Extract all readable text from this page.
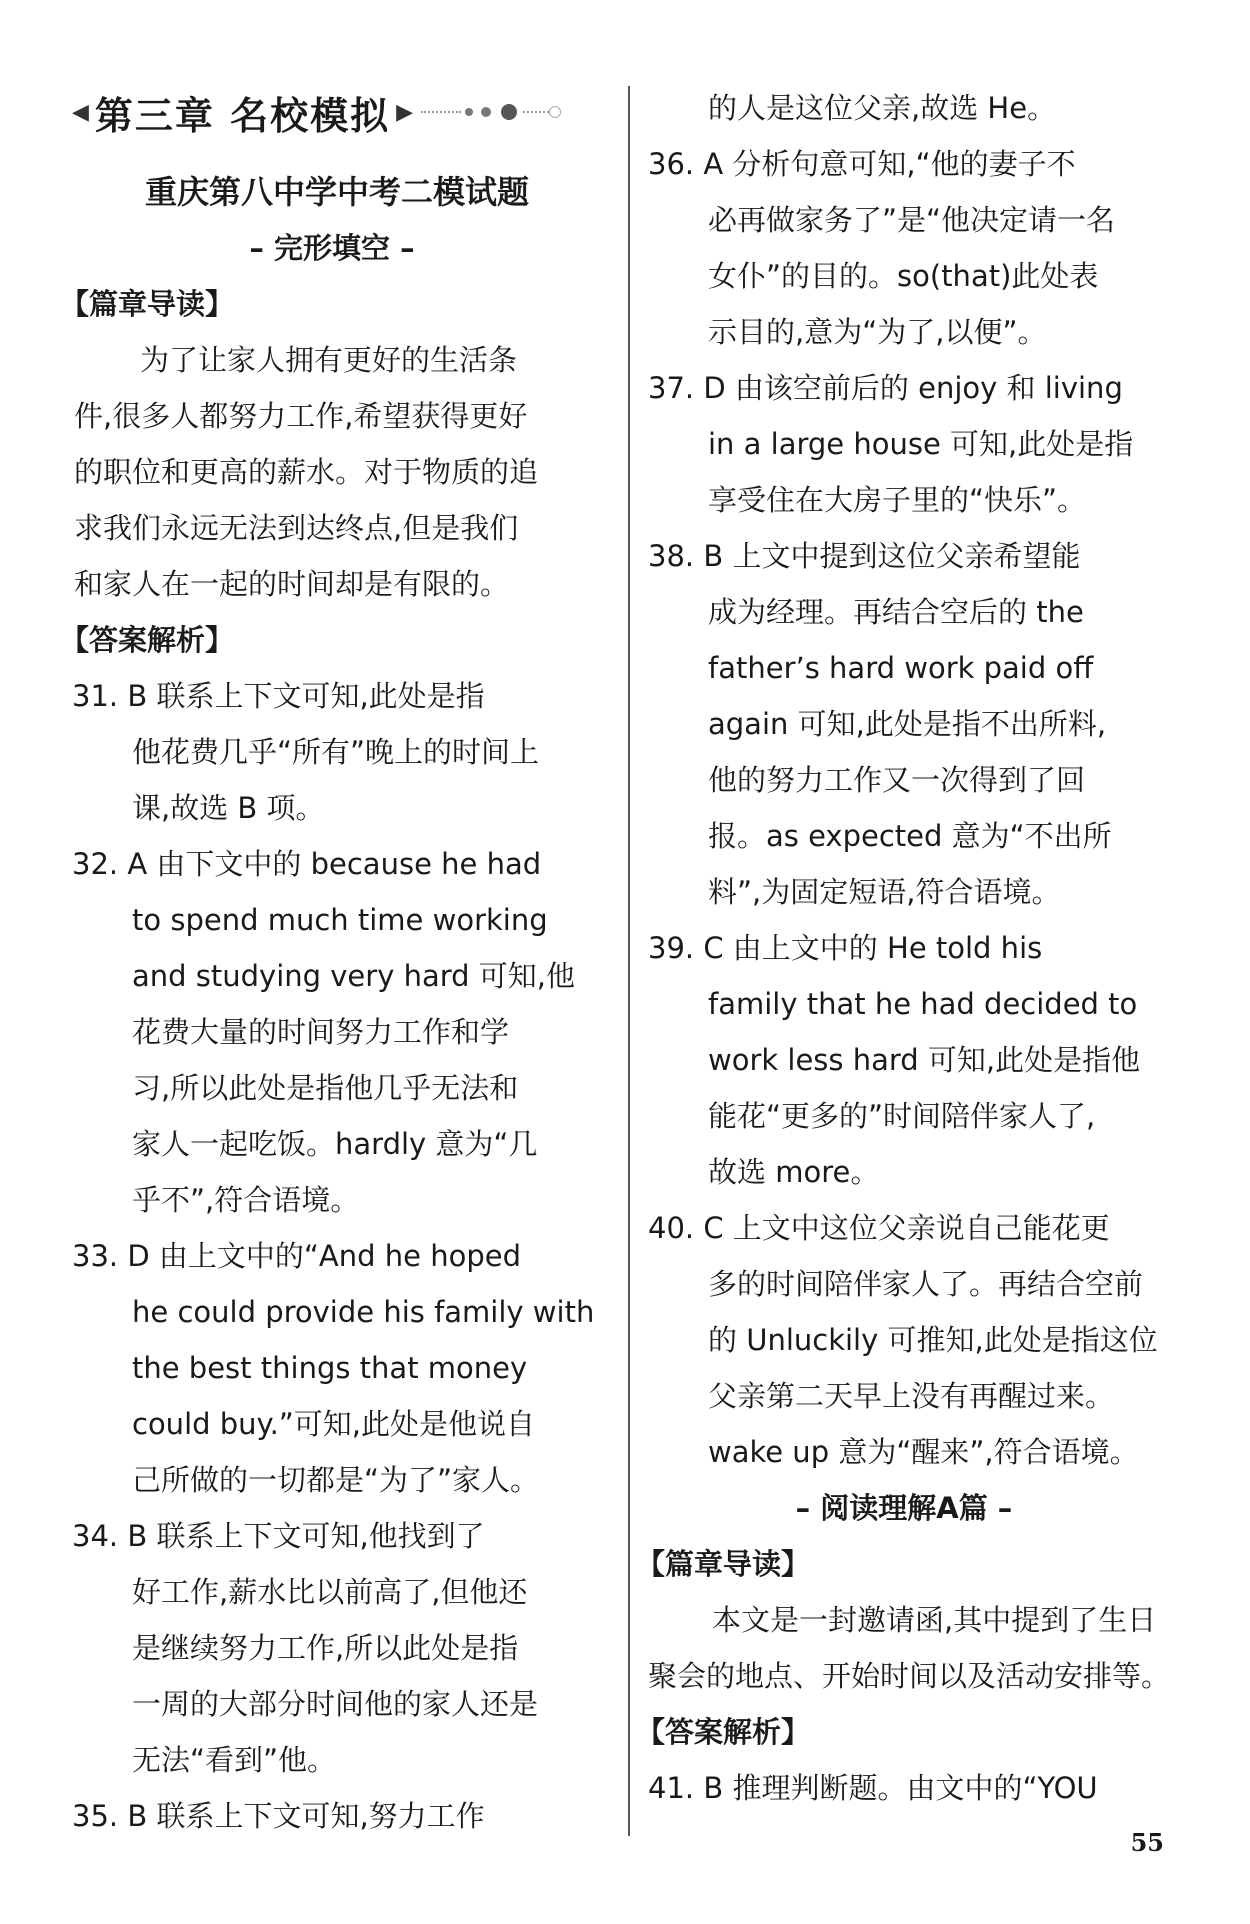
◀ 第三章 名校模拟 ▶
重庆第八中学中考二模试题
– 完形填空 –
【篇章导读】
为了让家人拥有更好的生活条
件,很多人都努力工作,希望获得更好
的职位和更高的薪水。对于物质的追
求我们永远无法到达终点,但是我们
和家人在一起的时间却是有限的。
【答案解析】
31. B 联系上下文可知,此处是指
他花费几乎“所有”晚上的时间上
课,故选 B 项。
32. A 由下文中的 because he had
to spend much time working
and studying very hard 可知,他
花费大量的时间努力工作和学
习,所以此处是指他几乎无法和
家人一起吃饭。hardly 意为“几
乎不”,符合语境。
33. D 由上文中的“And he hoped
he could provide his family with
the best things that money
could buy.”可知,此处是他说自
己所做的一切都是“为了”家人。
34. B 联系上下文可知,他找到了
好工作,薪水比以前高了,但他还
是继续努力工作,所以此处是指
一周的大部分时间他的家人还是
无法“看到”他。
35. B 联系上下文可知,努力工作
的人是这位父亲,故选 He。
36. A 分析句意可知,“他的妻子不
必再做家务了”是“他决定请一名
女仆”的目的。so(that)此处表
示目的,意为“为了,以便”。
37. D 由该空前后的 enjoy 和 living
in a large house 可知,此处是指
享受住在大房子里的“快乐”。
38. B 上文中提到这位父亲希望能
成为经理。再结合空后的 the
father’s hard work paid off
again 可知,此处是指不出所料,
他的努力工作又一次得到了回
报。as expected 意为“不出所
料”,为固定短语,符合语境。
39. C 由上文中的 He told his
family that he had decided to
work less hard 可知,此处是指他
能花“更多的”时间陪伴家人了,
故选 more。
40. C 上文中这位父亲说自己能花更
多的时间陪伴家人了。再结合空前
的 Unluckily 可推知,此处是指这位
父亲第二天早上没有再醒过来。
wake up 意为“醒来”,符合语境。
– 阅读理解A篇 –
【篇章导读】
本文是一封邀请函,其中提到了生日
聚会的地点、开始时间以及活动安排等。
【答案解析】
41. B 推理判断题。由文中的“YOU
55
